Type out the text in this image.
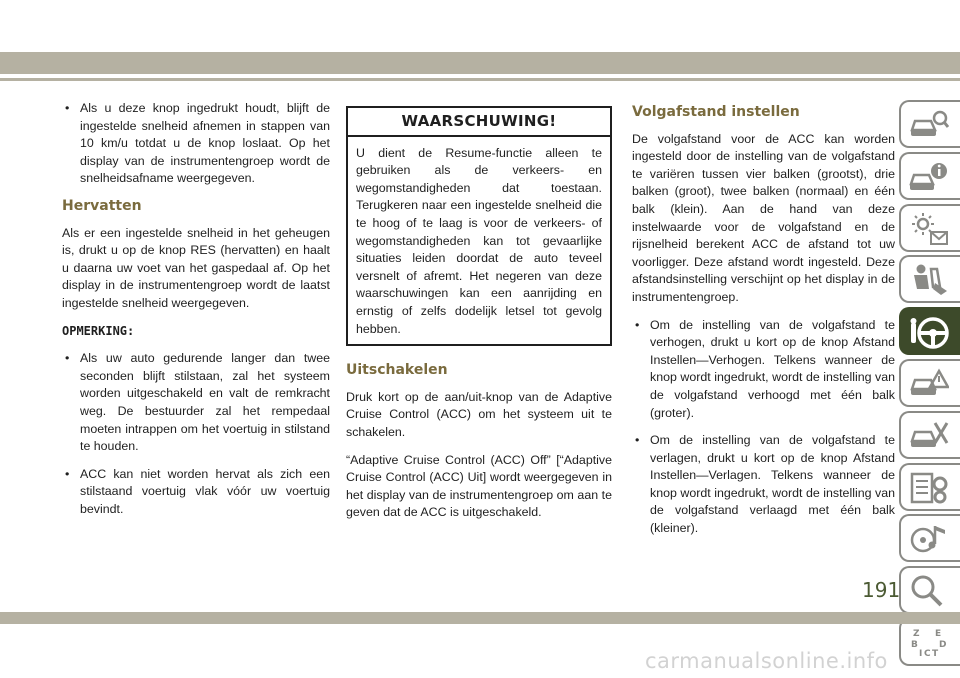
• Als u deze knop ingedrukt houdt, blijft de ingestelde snelheid afnemen in stappen van 10 km/u totdat u de knop loslaat. Op het display van de instrumentengroep wordt de snelheidsafname weergegeven.
Hervatten

Als er een ingestelde snelheid in het geheugen is, drukt u op de knop RES (hervatten) en haalt u daarna uw voet van het gaspedaal af. Op het display in de instrumentengroep wordt de laatst ingestelde snelheid weergegeven.

OPMERKING:
• Als uw auto gedurende langer dan twee seconden blijft stilstaan, zal het systeem worden uitgeschakeld en valt de remkracht weg. De bestuurder zal het rempedaal moeten intrappen om het voertuig in stilstand te houden.
• ACC kan niet worden hervat als zich een stilstaand voertuig vlak vóór uw voertuig bevindt.
WAARSCHUWING!
U dient de Resume-functie alleen te gebruiken als de verkeers- en wegomstandigheden dat toestaan. Terugkeren naar een ingestelde snelheid die te hoog of te laag is voor de verkeers- of wegomstandigheden kan tot gevaarlijke situaties leiden doordat de auto teveel versnelt of afremt. Het negeren van deze waarschuwingen kan een aanrijding en ernstig of zelfs dodelijk letsel tot gevolg hebben.
Uitschakelen

Druk kort op de aan/uit-knop van de Adaptive Cruise Control (ACC) om het systeem uit te schakelen.

“Adaptive Cruise Control (ACC) Off” [“Adaptive Cruise Control (ACC) Uit] wordt weergegeven in het display van de instrumentengroep om aan te geven dat de ACC is uitgeschakeld.

Volgafstand instellen

De volgafstand voor de ACC kan worden ingesteld door de instelling van de volgafstand te variëren tussen vier balken (grootst), drie balken (groot), twee balken (normaal) en één balk (klein). Aan de hand van deze instelwaarde voor de volgafstand en de rijsnelheid berekent ACC de afstand tot uw voorligger. Deze afstand wordt ingesteld. Deze afstandsinstelling verschijnt op het display in de instrumentengroep.

• Om de instelling van de volgafstand te verhogen, drukt u kort op de knop Afstand Instellen—Verhogen. Telkens wanneer de knop wordt ingedrukt, wordt de instelling van de volgafstand verhoogd met één balk (groter).
• Om de instelling van de volgafstand te verlagen, drukt u kort op de knop Afstand Instellen—Verlagen. Telkens wanneer de knop wordt ingedrukt, wordt de instelling van de volgafstand verlaagd met één balk (kleiner).
Z E
B D
I C T
191
carmanualsonline.info
